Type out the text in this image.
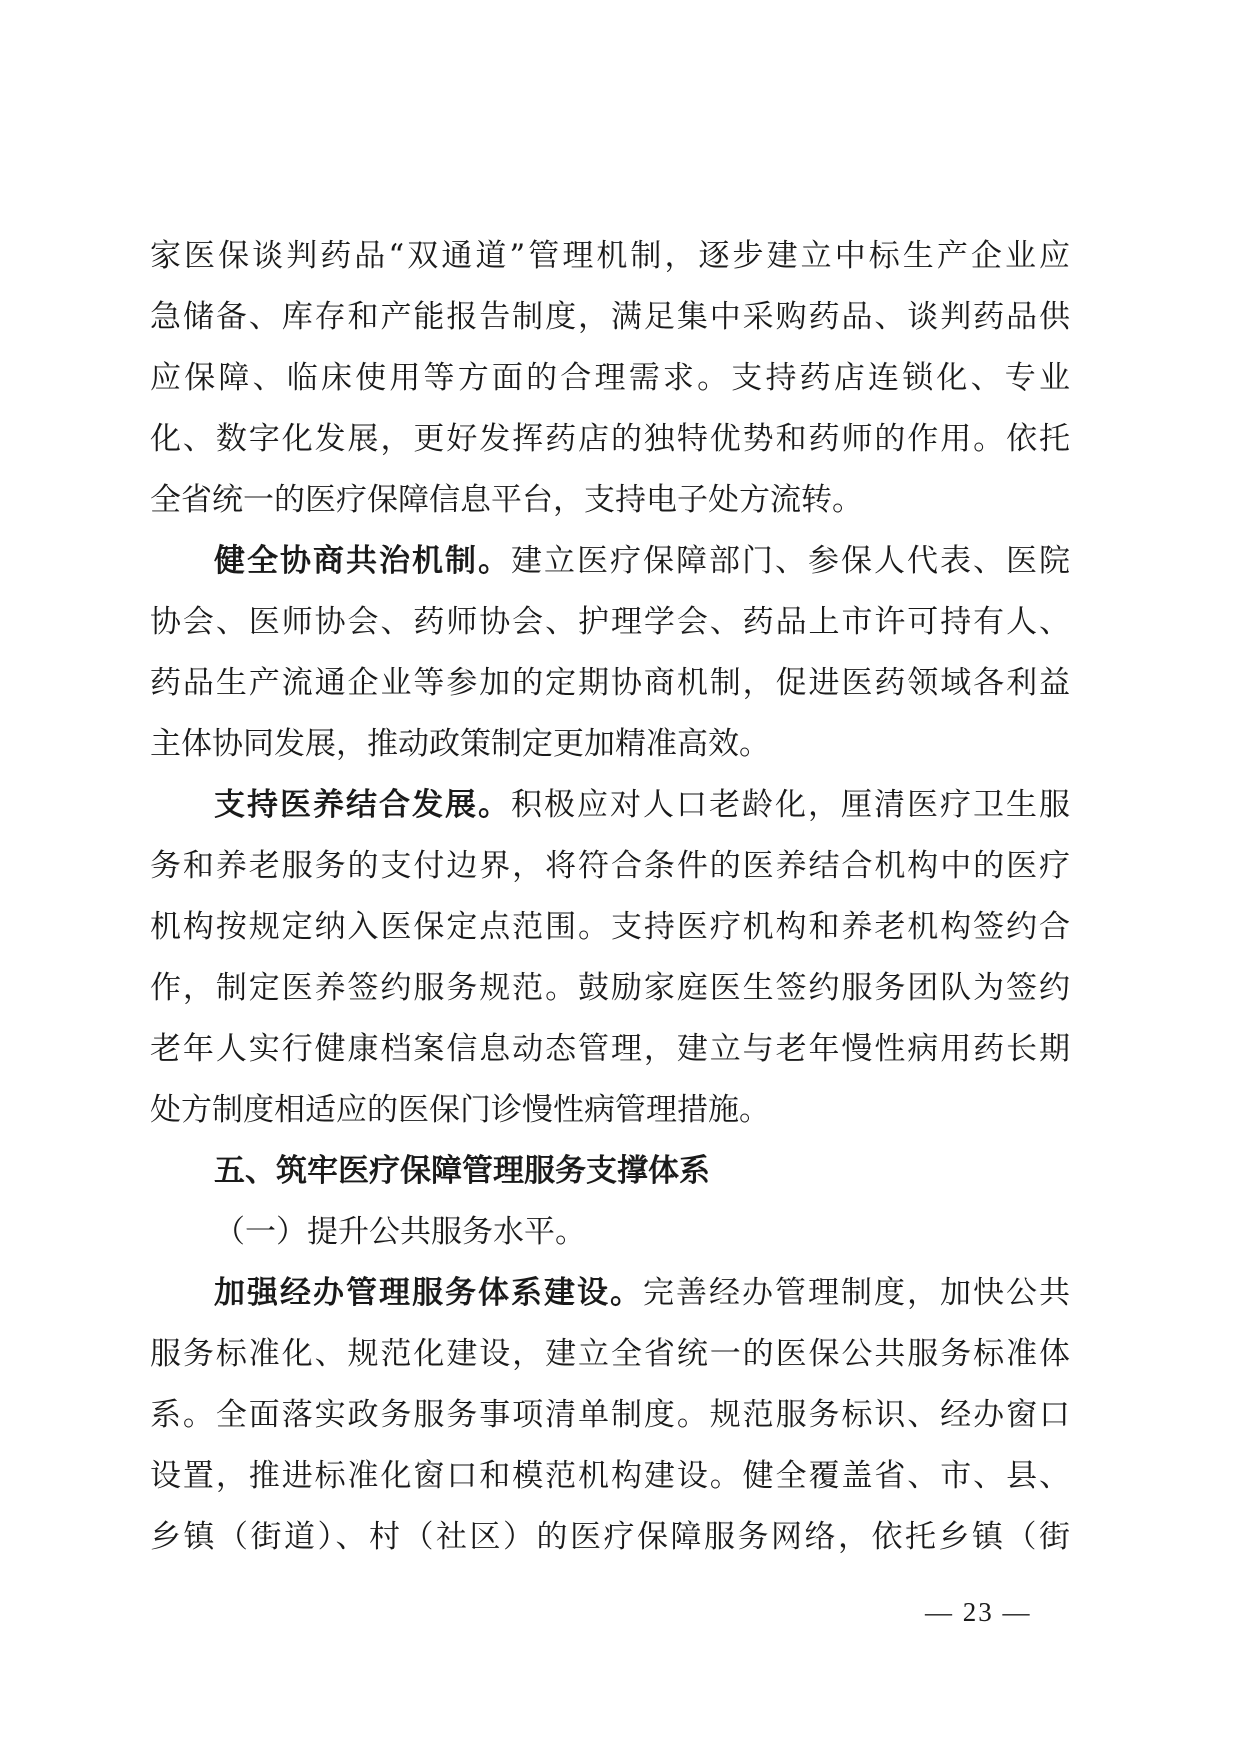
家医保谈判药品“双通道”管理机制，逐步建立中标生产企业应
急储备、库存和产能报告制度，满足集中采购药品、谈判药品供
应保障、临床使用等方面的合理需求。支持药店连锁化、专业
化、数字化发展，更好发挥药店的独特优势和药师的作用。依托
全省统一的医疗保障信息平台，支持电子处方流转。
健全协商共治机制。建立医疗保障部门、参保人代表、医院
协会、医师协会、药师协会、护理学会、药品上市许可持有人、
药品生产流通企业等参加的定期协商机制，促进医药领域各利益
主体协同发展，推动政策制定更加精准高效。
支持医养结合发展。积极应对人口老龄化，厘清医疗卫生服
务和养老服务的支付边界，将符合条件的医养结合机构中的医疗
机构按规定纳入医保定点范围。支持医疗机构和养老机构签约合
作，制定医养签约服务规范。鼓励家庭医生签约服务团队为签约
老年人实行健康档案信息动态管理，建立与老年慢性病用药长期
处方制度相适应的医保门诊慢性病管理措施。
五、筑牢医疗保障管理服务支撑体系
（一）提升公共服务水平。
加强经办管理服务体系建设。完善经办管理制度，加快公共
服务标准化、规范化建设，建立全省统一的医保公共服务标准体
系。全面落实政务服务事项清单制度。规范服务标识、经办窗口
设置，推进标准化窗口和模范机构建设。健全覆盖省、市、县、
乡镇（街道）、村（社区）的医疗保障服务网络，依托乡镇（街
— 23 —
